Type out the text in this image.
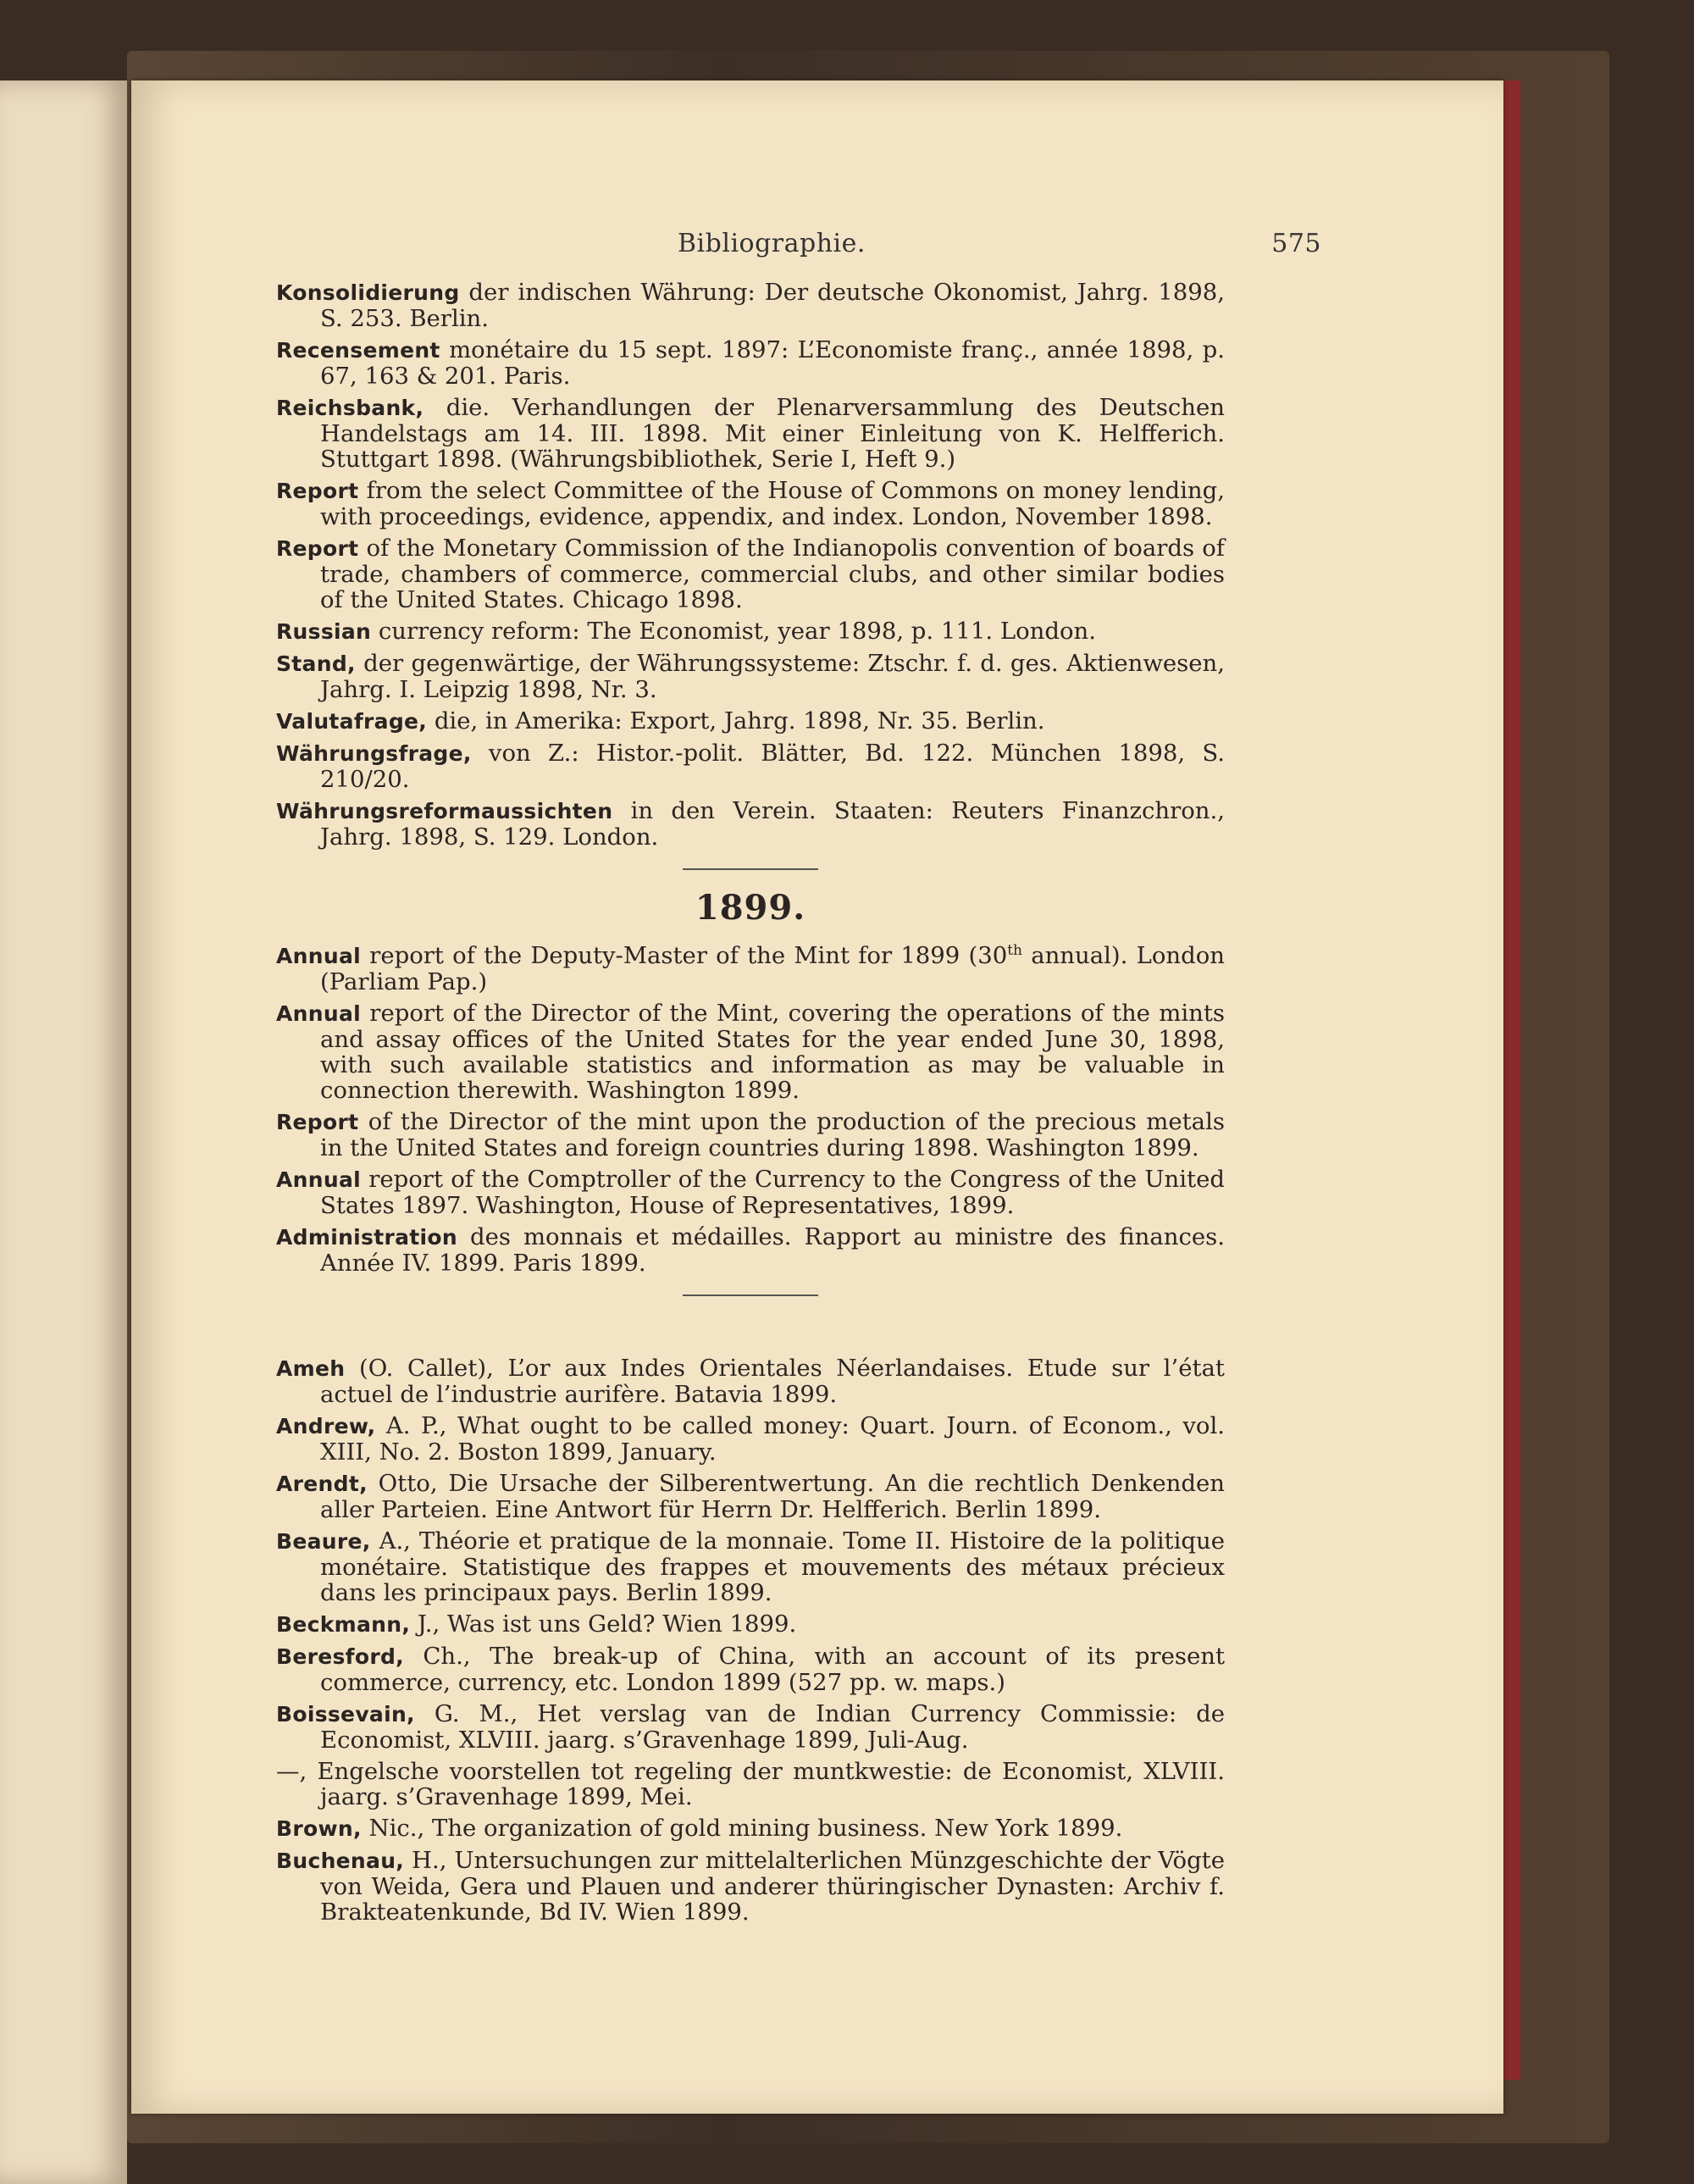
Bibliographie.	575
Konsolidierung der indischen Währung: Der deutsche Okonomist, Jahrg. 1898, S. 253. Berlin.
Recensement monétaire du 15 sept. 1897: L’Economiste franç., année 1898, p. 67, 163 & 201. Paris.
Reichsbank, die. Verhandlungen der Plenarversammlung des Deutschen Handelstags am 14. III. 1898. Mit einer Einleitung von K. Helfferich. Stuttgart 1898. (Währungsbibliothek, Serie I, Heft 9.)
Report from the select Committee of the House of Commons on money lending, with proceedings, evidence, appendix, and index. London, November 1898.
Report of the Monetary Commission of the Indianopolis convention of boards of trade, chambers of commerce, commercial clubs, and other similar bodies of the United States. Chicago 1898.
Russian currency reform: The Economist, year 1898, p. 111. London.
Stand, der gegenwärtige, der Währungssysteme: Ztschr. f. d. ges. Aktienwesen, Jahrg. I. Leipzig 1898, Nr. 3.
Valutafrage, die, in Amerika: Export, Jahrg. 1898, Nr. 35. Berlin.
Währungsfrage, von Z.: Histor.-polit. Blätter, Bd. 122. München 1898, S. 210/20.
Währungsreformaussichten in den Verein. Staaten: Reuters Finanzchron., Jahrg. 1898, S. 129. London.
1899.
Annual report of the Deputy-Master of the Mint for 1899 (30th annual). London (Parliam Pap.)
Annual report of the Director of the Mint, covering the operations of the mints and assay offices of the United States for the year ended June 30, 1898, with such available statistics and information as may be valuable in connection therewith. Washington 1899.
Report of the Director of the mint upon the production of the precious metals in the United States and foreign countries during 1898. Washington 1899.
Annual report of the Comptroller of the Currency to the Congress of the United States 1897. Washington, House of Representatives, 1899.
Administration des monnais et médailles. Rapport au ministre des finances. Année IV. 1899. Paris 1899.
Ameh (O. Callet), L’or aux Indes Orientales Néerlandaises. Etude sur l’état actuel de l’industrie aurifère. Batavia 1899.
Andrew, A. P., What ought to be called money: Quart. Journ. of Econom., vol. XIII, No. 2. Boston 1899, January.
Arendt, Otto, Die Ursache der Silberentwertung. An die rechtlich Denkenden aller Parteien. Eine Antwort für Herrn Dr. Helfferich. Berlin 1899.
Beaure, A., Théorie et pratique de la monnaie. Tome II. Histoire de la politique monétaire. Statistique des frappes et mouvements des métaux précieux dans les principaux pays. Berlin 1899.
Beckmann, J., Was ist uns Geld? Wien 1899.
Beresford, Ch., The break-up of China, with an account of its present commerce, currency, etc. London 1899 (527 pp. w. maps.)
Boissevain, G. M., Het verslag van de Indian Currency Commissie: de Economist, XLVIII. jaarg. s’Gravenhage 1899, Juli-Aug.
—, Engelsche voorstellen tot regeling der muntkwestie: de Economist, XLVIII. jaarg. s’Gravenhage 1899, Mei.
Brown, Nic., The organization of gold mining business. New York 1899.
Buchenau, H., Untersuchungen zur mittelalterlichen Münzgeschichte der Vögte von Weida, Gera und Plauen und anderer thüringischer Dynasten: Archiv f. Brakteatenkunde, Bd IV. Wien 1899.
